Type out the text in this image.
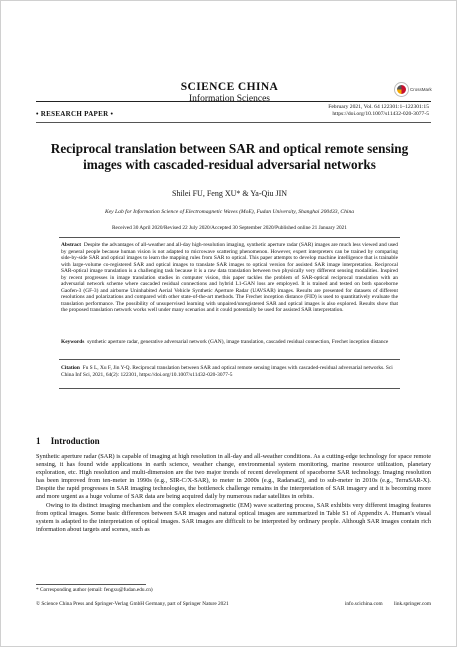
SCIENCE CHINA
Information Sciences
CrossMark
• RESEARCH PAPER •
February 2021, Vol. 64 122301:1–122301:15
https://doi.org/10.1007/s11432-020-3077-5
Reciprocal translation between SAR and optical remote sensing images with cascaded-residual adversarial networks
Shilei FU, Feng XU* & Ya-Qiu JIN
Key Lab for Information Science of Electromagnetic Waves (MoE), Fudan University, Shanghai 200433, China
Received 30 April 2020/Revised 22 July 2020/Accepted 30 September 2020/Published online 21 January 2021
Abstract Despite the advantages of all-weather and all-day high-resolution imaging, synthetic aperture radar (SAR) images are much less viewed and used by general people because human vision is not adapted to microwave scattering phenomenon. However, expert interpreters can be trained by comparing side-by-side SAR and optical images to learn the mapping rules from SAR to optical. This paper attempts to develop machine intelligence that is trainable with large-volume co-registered SAR and optical images to translate SAR images to optical version for assisted SAR image interpretation. Reciprocal SAR-optical image translation is a challenging task because it is a raw data translation between two physically very different sensing modalities. Inspired by recent progresses in image translation studies in computer vision, this paper tackles the problem of SAR-optical reciprocal translation with an adversarial network scheme where cascaded residual connections and hybrid L1-GAN loss are employed. It is trained and tested on both spaceborne Gaofen-3 (GF-3) and airborne Uninhabited Aerial Vehicle Synthetic Aperture Radar (UAVSAR) images. Results are presented for datasets of different resolutions and polarizations and compared with other state-of-the-art methods. The Frechet inception distance (FID) is used to quantitatively evaluate the translation performance. The possibility of unsupervised learning with unpaired/unregistered SAR and optical images is also explored. Results show that the proposed translation network works well under many scenarios and it could potentially be used for assisted SAR interpretation.
Keywords synthetic aperture radar, generative adversarial network (GAN), image translation, cascaded residual connection, Frechet inception distance
Citation Fu S L, Xu F, Jin Y-Q. Reciprocal translation between SAR and optical remote sensing images with cascaded-residual adversarial networks. Sci China Inf Sci, 2021, 64(2): 122301, https://doi.org/10.1007/s11432-020-3077-5
1 Introduction

Synthetic aperture radar (SAR) is capable of imaging at high resolution in all-day and all-weather conditions. As a cutting-edge technology for space remote sensing, it has found wide applications in earth science, weather change, environmental system monitoring, marine resource utilization, planetary exploration, etc. High resolution and multi-dimension are the two major trends of recent development of spaceborne SAR technology. Imaging resolution has been improved from ten-meter in 1990s (e.g., SIR-C/X-SAR), to meter in 2000s (e.g., Radarsat2), and to sub-meter in 2010s (e.g., TerraSAR-X). Despite the rapid progresses in SAR imaging technologies, the bottleneck challenge remains in the interpretation of SAR imagery and it is becoming more and more urgent as a huge volume of SAR data are being acquired daily by numerous radar satellites in orbits.

Owing to its distinct imaging mechanism and the complex electromagnetic (EM) wave scattering process, SAR exhibits very different imaging features from optical images. Some basic differences between SAR images and natural optical images are summarized in Table S1 of Appendix A. Human's visual system is adapted to the interpretation of optical images. SAR images are difficult to be interpreted by ordinary people. Although SAR images contain rich information about targets and scenes, such as

* Corresponding author (email: fengxu@fudan.edu.cn)
© Science China Press and Springer-Verlag GmbH Germany, part of Springer Nature 2021	info.scichina.com link.springer.com
